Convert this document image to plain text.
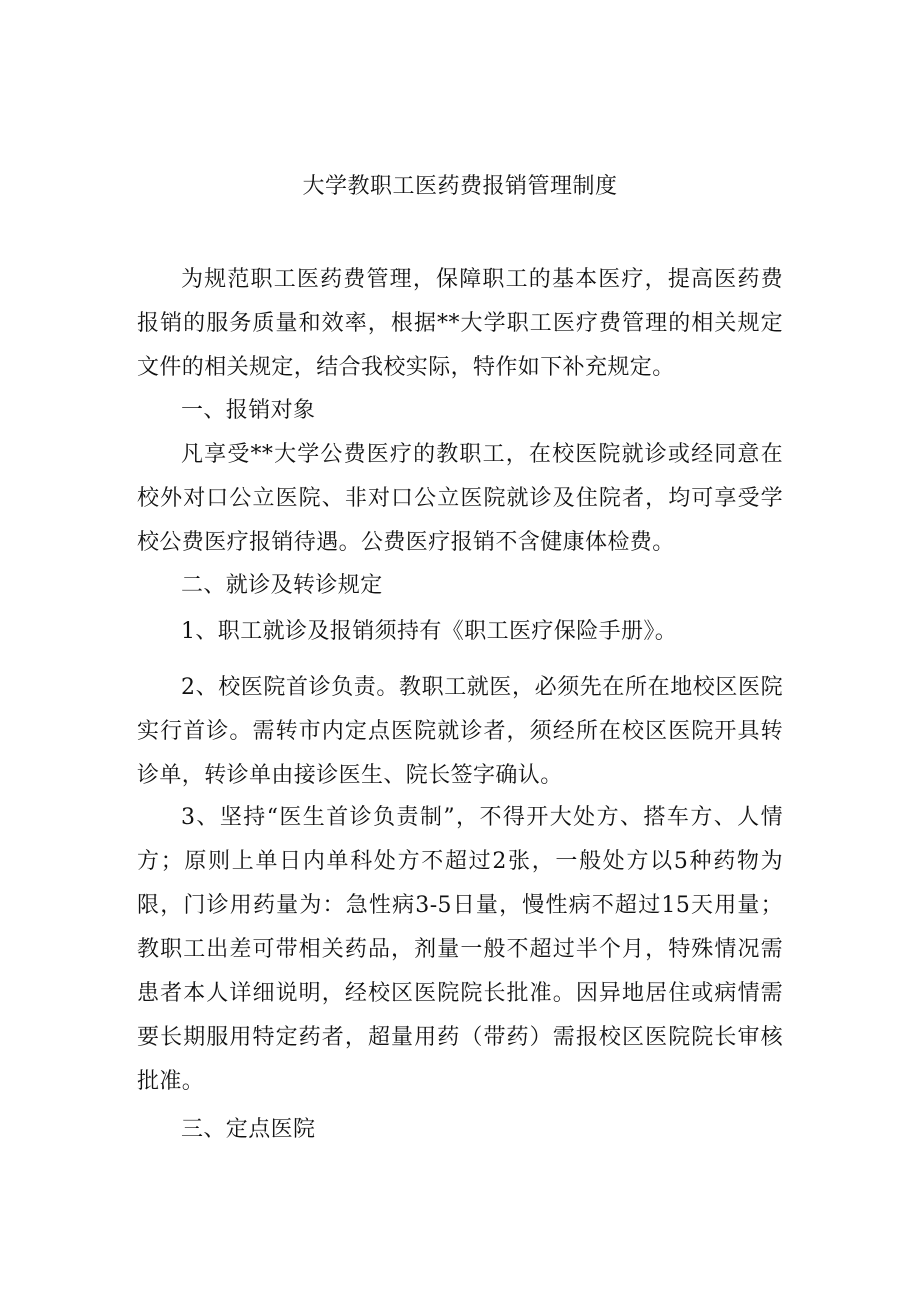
大学教职工医药费报销管理制度

为规范职工医药费管理，保障职工的基本医疗，提高医药费报销的服务质量和效率，根据**大学职工医疗费管理的相关规定文件的相关规定，结合我校实际，特作如下补充规定。

一、报销对象

凡享受**大学公费医疗的教职工，在校医院就诊或经同意在校外对口公立医院、非对口公立医院就诊及住院者，均可享受学校公费医疗报销待遇。公费医疗报销不含健康体检费。

二、就诊及转诊规定

1、职工就诊及报销须持有《职工医疗保险手册》。

2、校医院首诊负责。教职工就医，必须先在所在地校区医院实行首诊。需转市内定点医院就诊者，须经所在校区医院开具转诊单，转诊单由接诊医生、院长签字确认。

3、坚持“医生首诊负责制”，不得开大处方、搭车方、人情方；原则上单日内单科处方不超过2张，一般处方以5种药物为限，门诊用药量为：急性病3-5日量，慢性病不超过15天用量；教职工出差可带相关药品，剂量一般不超过半个月，特殊情况需患者本人详细说明，经校区医院院长批准。因异地居住或病情需要长期服用特定药者，超量用药（带药）需报校区医院院长审核批准。

三、定点医院
